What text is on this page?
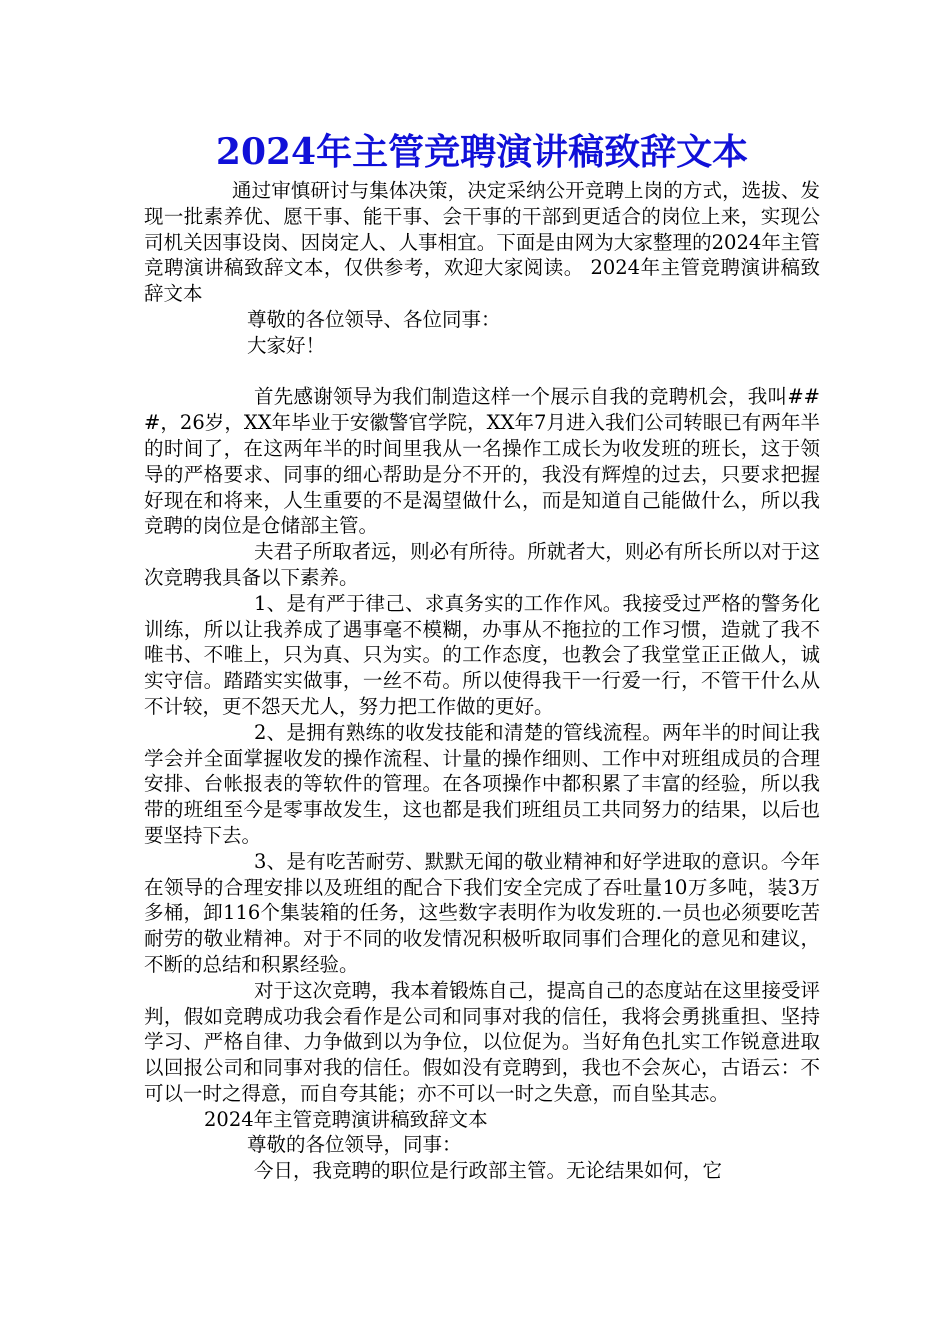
2024年主管竞聘演讲稿致辞文本

通过审慎研讨与集体决策，决定采纳公开竞聘上岗的方式，选拔、发现一批素养优、愿干事、能干事、会干事的干部到更适合的岗位上来，实现公司机关因事设岗、因岗定人、人事相宜。下面是由网为大家整理的2024年主管竞聘演讲稿致辞文本，仅供参考，欢迎大家阅读。 2024年主管竞聘演讲稿致辞文本

尊敬的各位领导、各位同事：

大家好！

首先感谢领导为我们制造这样一个展示自我的竞聘机会，我叫###，26岁，XX年毕业于安徽警官学院，XX年7月进入我们公司转眼已有两年半的时间了，在这两年半的时间里我从一名操作工成长为收发班的班长，这于领导的严格要求、同事的细心帮助是分不开的，我没有辉煌的过去，只要求把握好现在和将来，人生重要的不是渴望做什么，而是知道自己能做什么，所以我竞聘的岗位是仓储部主管。

夫君子所取者远，则必有所待。所就者大，则必有所长所以对于这次竞聘我具备以下素养。

1、是有严于律己、求真务实的工作作风。我接受过严格的警务化训练，所以让我养成了遇事毫不模糊，办事从不拖拉的工作习惯，造就了我不唯书、不唯上，只为真、只为实。的工作态度，也教会了我堂堂正正做人，诚实守信。踏踏实实做事，一丝不苟。所以使得我干一行爱一行，不管干什么从不计较，更不怨天尤人，努力把工作做的更好。

2、是拥有熟练的收发技能和清楚的管线流程。两年半的时间让我学会并全面掌握收发的操作流程、计量的操作细则、工作中对班组成员的合理安排、台帐报表的等软件的管理。在各项操作中都积累了丰富的经验，所以我带的班组至今是零事故发生，这也都是我们班组员工共同努力的结果，以后也要坚持下去。

3、是有吃苦耐劳、默默无闻的敬业精神和好学进取的意识。今年在领导的合理安排以及班组的配合下我们安全完成了吞吐量10万多吨，装3万多桶，卸116个集装箱的任务，这些数字表明作为收发班的.一员也必须要吃苦耐劳的敬业精神。对于不同的收发情况积极听取同事们合理化的意见和建议，不断的总结和积累经验。

对于这次竞聘，我本着锻炼自己，提高自己的态度站在这里接受评判，假如竞聘成功我会看作是公司和同事对我的信任，我将会勇挑重担、坚持学习、严格自律、力争做到以为争位，以位促为。当好角色扎实工作锐意进取以回报公司和同事对我的信任。假如没有竞聘到，我也不会灰心，古语云：不可以一时之得意，而自夸其能；亦不可以一时之失意，而自坠其志。

2024年主管竞聘演讲稿致辞文本

尊敬的各位领导，同事：

今日，我竞聘的职位是行政部主管。无论结果如何，它
